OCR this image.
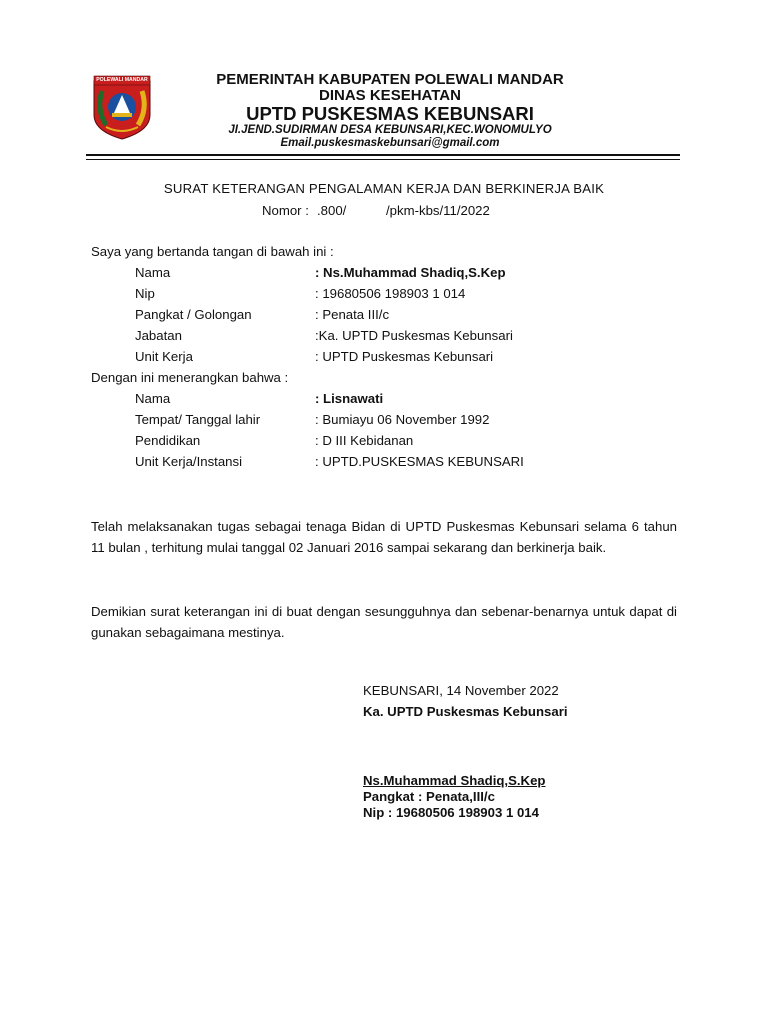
POLEWALI MANDAR	PEMERINTAH KABUPATEN POLEWALI MANDAR
DINAS KESEHATAN
UPTD PUSKESMAS KEBUNSARI
JI.JEND.SUDIRMAN DESA KEBUNSARI,KEC.WONOMULYO
Email.puskesmaskebunsari@gmail.com
SURAT KETERANGAN PENGALAMAN KERJA DAN BERKINERJA BAIK
Nomor : .800/	/pkm-kbs/11/2022
Saya yang bertanda tangan di bawah ini :
Nama	: Ns.Muhammad Shadiq,S.Kep
Nip	: 19680506 198903 1 014
Pangkat / Golongan	: Penata III/c
Jabatan	:Ka. UPTD Puskesmas Kebunsari
Unit Kerja	: UPTD Puskesmas Kebunsari
Dengan ini menerangkan bahwa :
Nama	: Lisnawati
Tempat/ Tanggal lahir	: Bumiayu 06 November 1992
Pendidikan	: D III Kebidanan
Unit Kerja/Instansi	: UPTD.PUSKESMAS KEBUNSARI
Telah melaksanakan tugas sebagai tenaga Bidan di UPTD Puskesmas Kebunsari selama 6 tahun 11 bulan , terhitung mulai tanggal 02 Januari 2016 sampai sekarang dan berkinerja baik.
Demikian surat keterangan ini di buat dengan sesungguhnya dan sebenar-benarnya untuk dapat di gunakan sebagaimana mestinya.
KEBUNSARI, 14 November 2022
Ka. UPTD Puskesmas Kebunsari
Ns.Muhammad Shadiq,S.Kep
Pangkat : Penata,III/c
Nip : 19680506 198903 1 014
